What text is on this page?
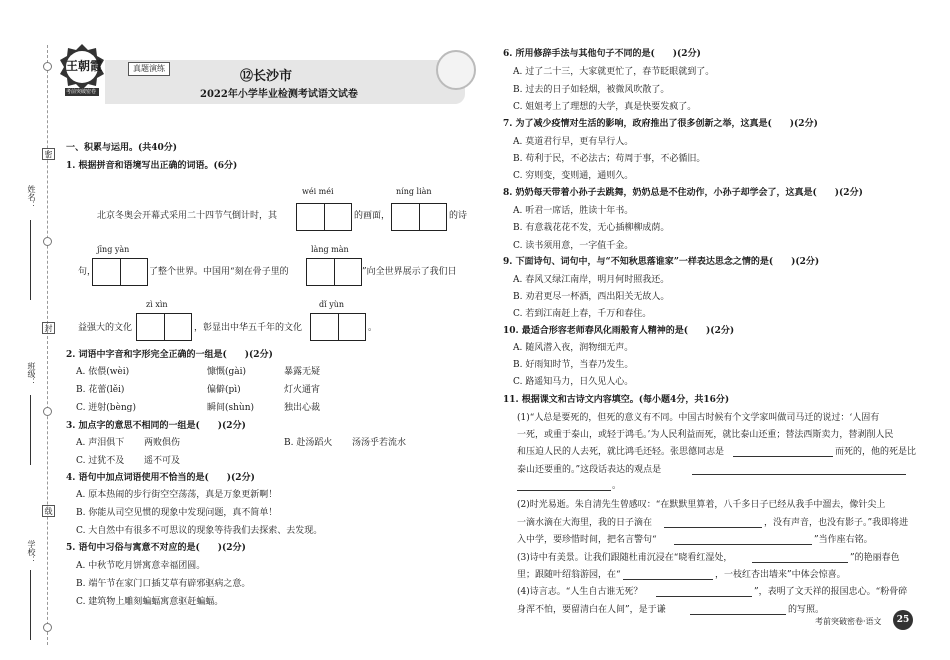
密
封
线
姓名：
班级：
学校：
王朝霞
考前突破密卷
真题演练
⑫长沙市
2022年小学毕业检测考试语文试卷
一、积累与运用。(共40分)
1. 根据拼音和语境写出正确的词语。(6分)
wéi méi	níng liàn
北京冬奥会开幕式采用二十四节气倒计时，其	的画面，	的诗
jīng yàn	làng màn
句，	了整个世界。中国用“刻在骨子里的	”向全世界展示了我们日
zì xìn	dǐ yùn
益强大的文化	，彰显出中华五千年的文化	。
2. 词语中字音和字形完全正确的一组是(　　)(2分)
A. 依偎(wèi)	慷慨(gài)	暴露无疑
B. 花蕾(lěi)	偏僻(pì)	灯火通宵
C. 迸射(bèng)	瞬间(shùn)	独出心裁
3. 加点字的意思不相同的一组是(　　)(2分)
A. 声泪俱下 两败俱伤	B. 赴汤蹈火 汤汤乎若流水
C. 过犹不及 遥不可及
4. 语句中加点词语使用不恰当的是(　　)(2分)
A. 原本热闹的步行街空空荡荡，真是万象更新啊！
B. 你能从司空见惯的现象中发现问题，真不简单！
C. 大自然中有很多不可思议的现象等待我们去探索、去发现。
5. 语句中习俗与寓意不对应的是(　　)(2分)
A. 中秋节吃月饼寓意幸福团圆。
B. 端午节在家门口插艾草有辟邪驱病之意。
C. 建筑物上雕刻蝙蝠寓意驱赶蝙蝠。
6. 所用修辞手法与其他句子不同的是(　　)(2分)
A. 过了二十三，大家就更忙了，春节眨眼就到了。
B. 过去的日子如轻烟，被微风吹散了。
C. 姐姐考上了理想的大学，真是快要发疯了。
7. 为了减少疫情对生活的影响，政府推出了很多创新之举，这真是(　　)(2分)
A. 莫道君行早，更有早行人。
B. 苟利于民，不必法古；苟周于事，不必循旧。
C. 穷则变，变则通，通则久。
8. 奶奶每天带着小孙子去跳舞，奶奶总是不住动作，小孙子却学会了，这真是(　　)(2分)
A. 听君一席话，胜读十年书。
B. 有意栽花花不发，无心插柳柳成荫。
C. 读书须用意，一字值千金。
9. 下面诗句、词句中，与“不知秋思落谁家”一样表达思念之情的是(　　)(2分)
A. 春风又绿江南岸，明月何时照我还。
B. 劝君更尽一杯酒，西出阳关无故人。
C. 若到江南赶上春，千万和春住。
10. 最适合形容老师春风化雨般育人精神的是(　　)(2分)
A. 随风潜入夜，润物细无声。
B. 好雨知时节，当春乃发生。
C. 路遥知马力，日久见人心。
11. 根据课文和古诗文内容填空。(每小题4分，共16分)
(1)“人总是要死的，但死的意义有不同。中国古时候有个文学家叫做司马迁的说过：‘人固有
一死，或重于泰山，或轻于鸿毛。’为人民利益而死，就比泰山还重；替法西斯卖力，替剥削人民
和压迫人民的人去死，就比鸿毛还轻。张思德同志是	而死的，他的死是比
泰山还要重的。”这段话表达的观点是
。
(2)时光易逝。朱自清先生曾感叹：“在默默里算着，八千多日子已经从我手中溜去，像针尖上
一滴水滴在大海里，我的日子滴在	，没有声音，也没有影子。”我即将进
入中学，要珍惜时间，把名言警句“	”当作座右铭。
(3)诗中有美景。让我们跟随杜甫沉浸在“晓看红湿处，	”的艳丽春色
里；跟随叶绍翁游园，在“	，一枝红杏出墙来”中体会惊喜。
(4)诗言志。“人生自古谁无死？	”，表明了文天祥的报国忠心。“粉骨碎
身浑不怕，要留清白在人间”，是于谦	的写照。
考前突破密卷·语文	25
